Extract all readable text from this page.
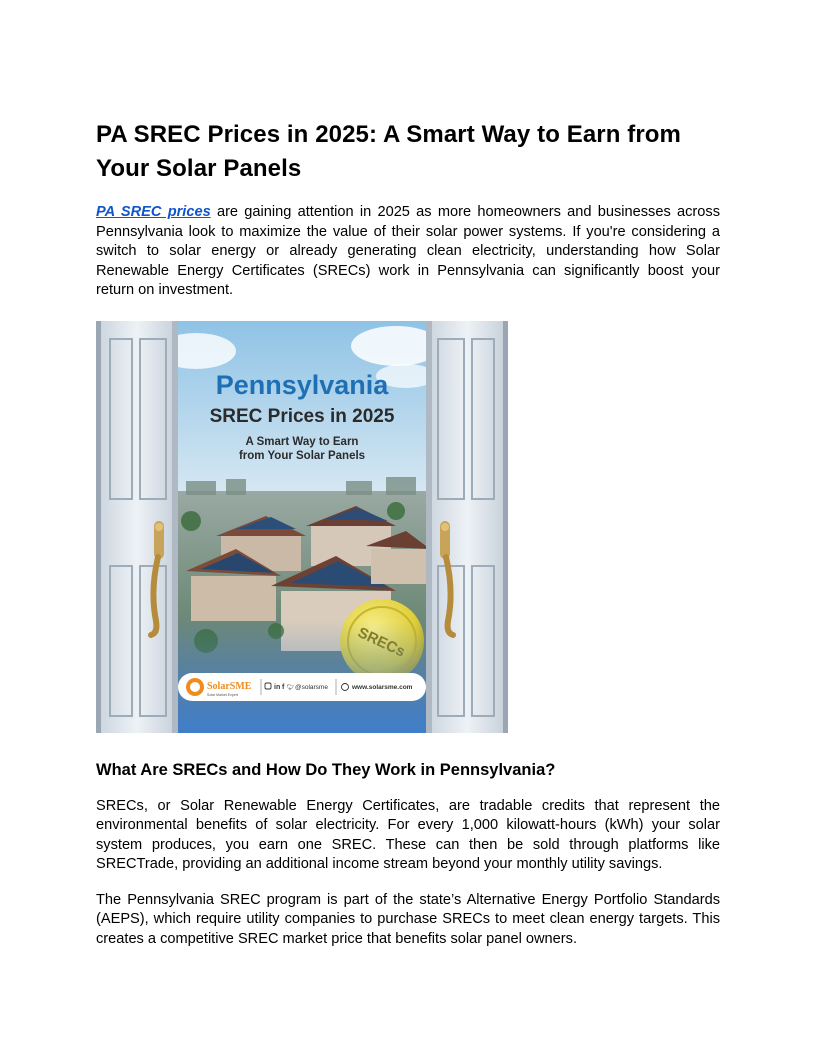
PA SREC Prices in 2025: A Smart Way to Earn from Your Solar Panels

PA SREC prices are gaining attention in 2025 as more homeowners and businesses across Pennsylvania look to maximize the value of their solar power systems. If you're considering a switch to solar energy or already generating clean electricity, understanding how Solar Renewable Energy Certificates (SRECs) work in Pennsylvania can significantly boost your return on investment.

Pennsylvania
SREC Prices in 2025
A Smart Way to Earn
from Your Solar Panels
SolarSME
Solar Market Expert
in f 🐦︎ @solarsme	www.solarsme.com
What Are SRECs and How Do They Work in Pennsylvania?

SRECs, or Solar Renewable Energy Certificates, are tradable credits that represent the environmental benefits of solar electricity. For every 1,000 kilowatt-hours (kWh) your solar system produces, you earn one SREC. These can then be sold through platforms like SRECTrade, providing an additional income stream beyond your monthly utility savings.

The Pennsylvania SREC program is part of the state’s Alternative Energy Portfolio Standards (AEPS), which require utility companies to purchase SRECs to meet clean energy targets. This creates a competitive SREC market price that benefits solar panel owners.
